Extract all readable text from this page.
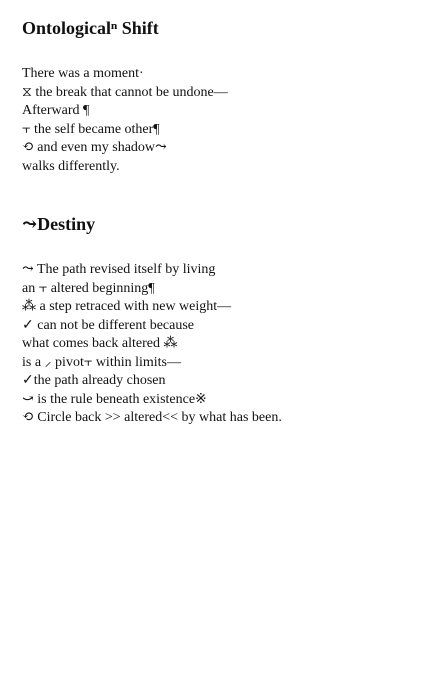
Ontologicalⁿ Shift
There was a moment·
⧖ the break that cannot be undone—
Afterward ¶
⫟ the self became other¶
⟲ and even my shadow⤳
walks differently.
⤳Destiny
⤳ The path revised itself by living
an ⫟ altered beginning¶
⁂ a step retraced with new weight—
✓ can not be different because
what comes back altered ⁂
is a ⸝ pivot⫟ within limits—
✓the path already chosen
⤻ is the rule beneath existence※
⟲ Circle back >> altered<< by what has been.
